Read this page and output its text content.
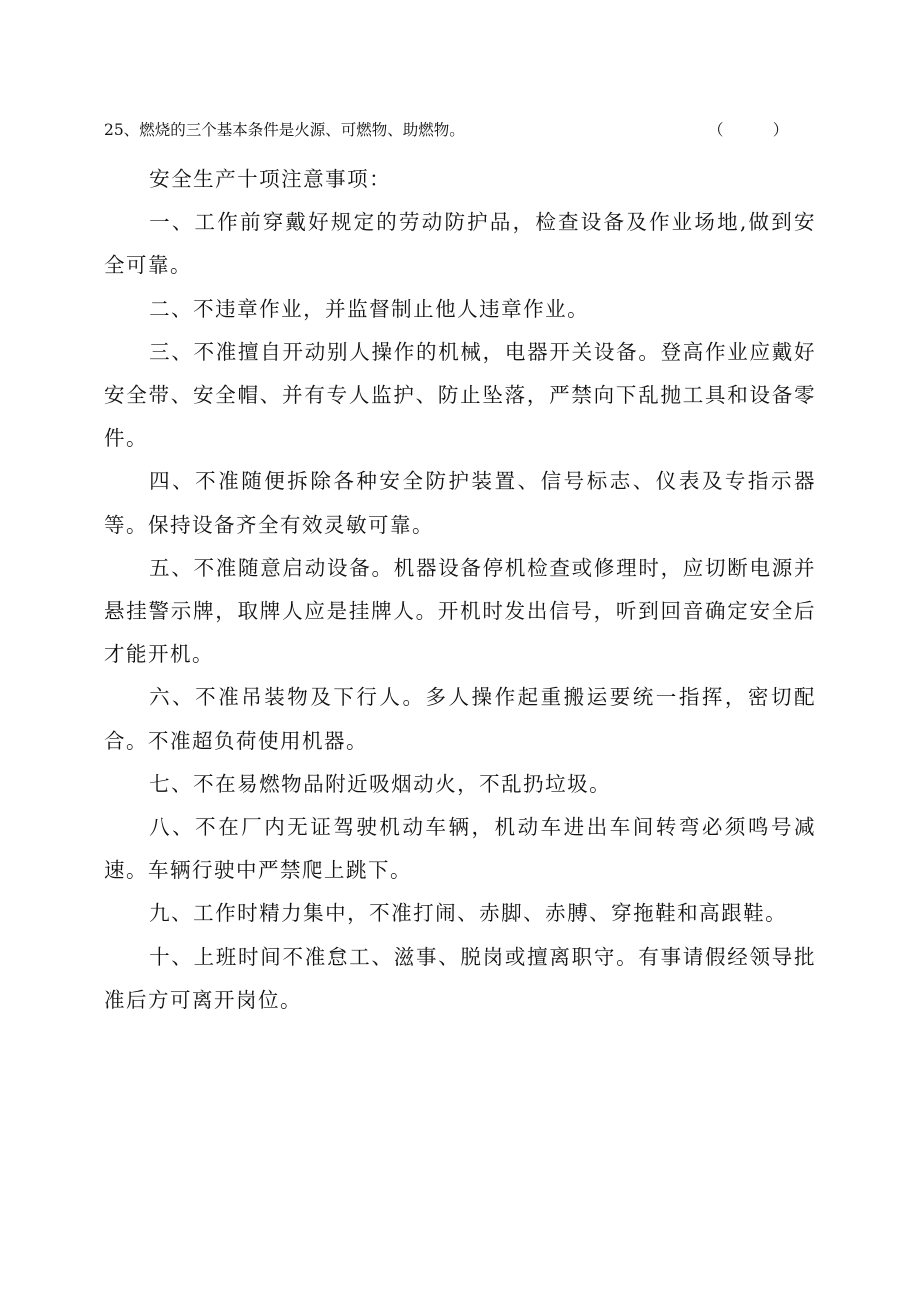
25、燃烧的三个基本条件是火源、可燃物、助燃物。	（          ）

安全生产十项注意事项：

一、工作前穿戴好规定的劳动防护品，检查设备及作业场地,做到安全可靠。

二、不违章作业，并监督制止他人违章作业。

三、不准擅自开动别人操作的机械，电器开关设备。登高作业应戴好安全带、安全帽、并有专人监护、防止坠落，严禁向下乱抛工具和设备零件。

四、不准随便拆除各种安全防护装置、信号标志、仪表及专指示器等。保持设备齐全有效灵敏可靠。

五、不准随意启动设备。机器设备停机检查或修理时，应切断电源并悬挂警示牌，取牌人应是挂牌人。开机时发出信号，听到回音确定安全后才能开机。

六、不准吊装物及下行人。多人操作起重搬运要统一指挥，密切配合。不准超负荷使用机器。

七、不在易燃物品附近吸烟动火，不乱扔垃圾。

八、不在厂内无证驾驶机动车辆，机动车进出车间转弯必须鸣号减速。车辆行驶中严禁爬上跳下。

九、工作时精力集中，不准打闹、赤脚、赤膊、穿拖鞋和高跟鞋。

十、上班时间不准怠工、滋事、脱岗或擅离职守。有事请假经领导批准后方可离开岗位。
